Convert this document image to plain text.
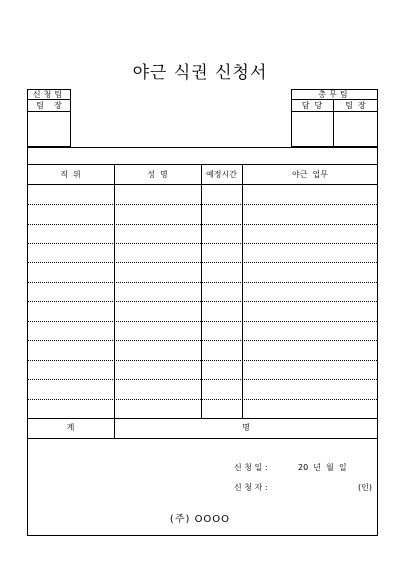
야근 식권 신청서
신청팀
팀    장
총무팀
담  당	팀  장
직  위	성  명	예정시간	야근  업무
계	명
신 청 일 :	20  년  월  일
신 청 자 :	(인)
(주) OOOO
